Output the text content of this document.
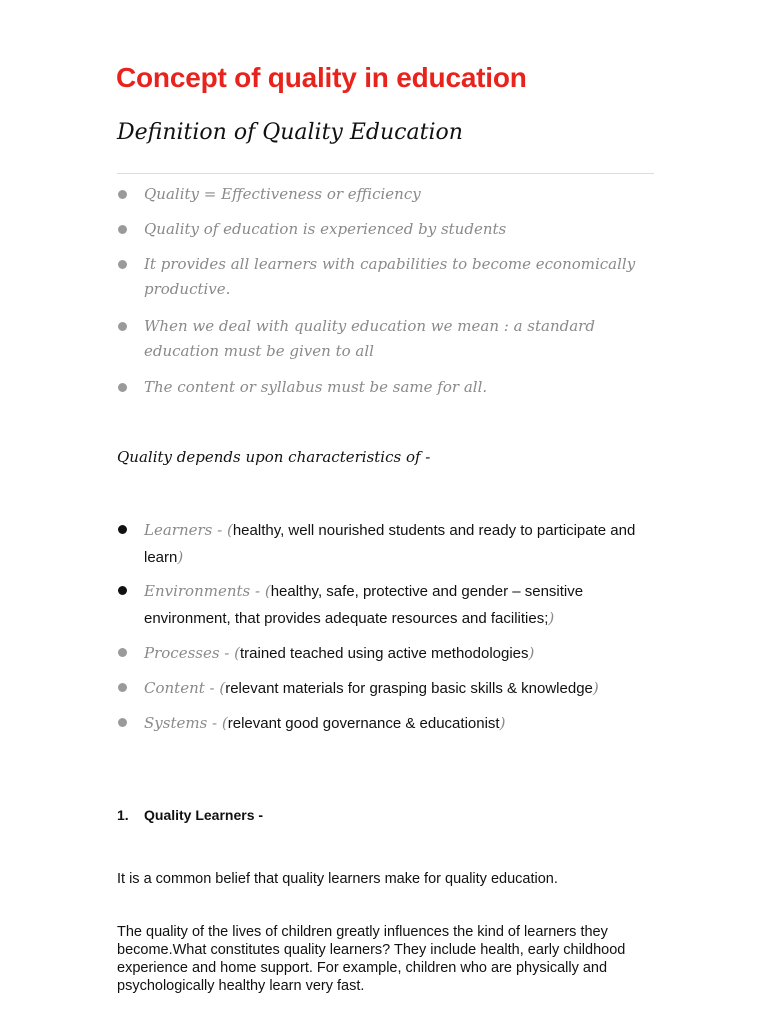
Concept of quality in education
Definition of Quality Education
Quality = Effectiveness or efficiency
Quality of education is experienced by students
It provides all learners with capabilities to become economically productive.
When we deal with quality education we mean : a standard education must be given to all
The content or syllabus must be same for all.
Quality depends upon characteristics of -
Learners - (healthy, well nourished students and ready to participate and learn)
Environments - (healthy, safe, protective and gender – sensitive environment, that provides adequate resources and facilities;)
Processes - (trained teached using active methodologies)
Content - (relevant materials for grasping basic skills & knowledge)
Systems - (relevant good governance & educationist)
1. Quality Learners -

It is a common belief that quality learners make for quality education.

The quality of the lives of children greatly influences the kind of learners they become.What constitutes quality learners? They include health, early childhood experience and home support. For example, children who are physically and psychologically healthy learn very fast.
